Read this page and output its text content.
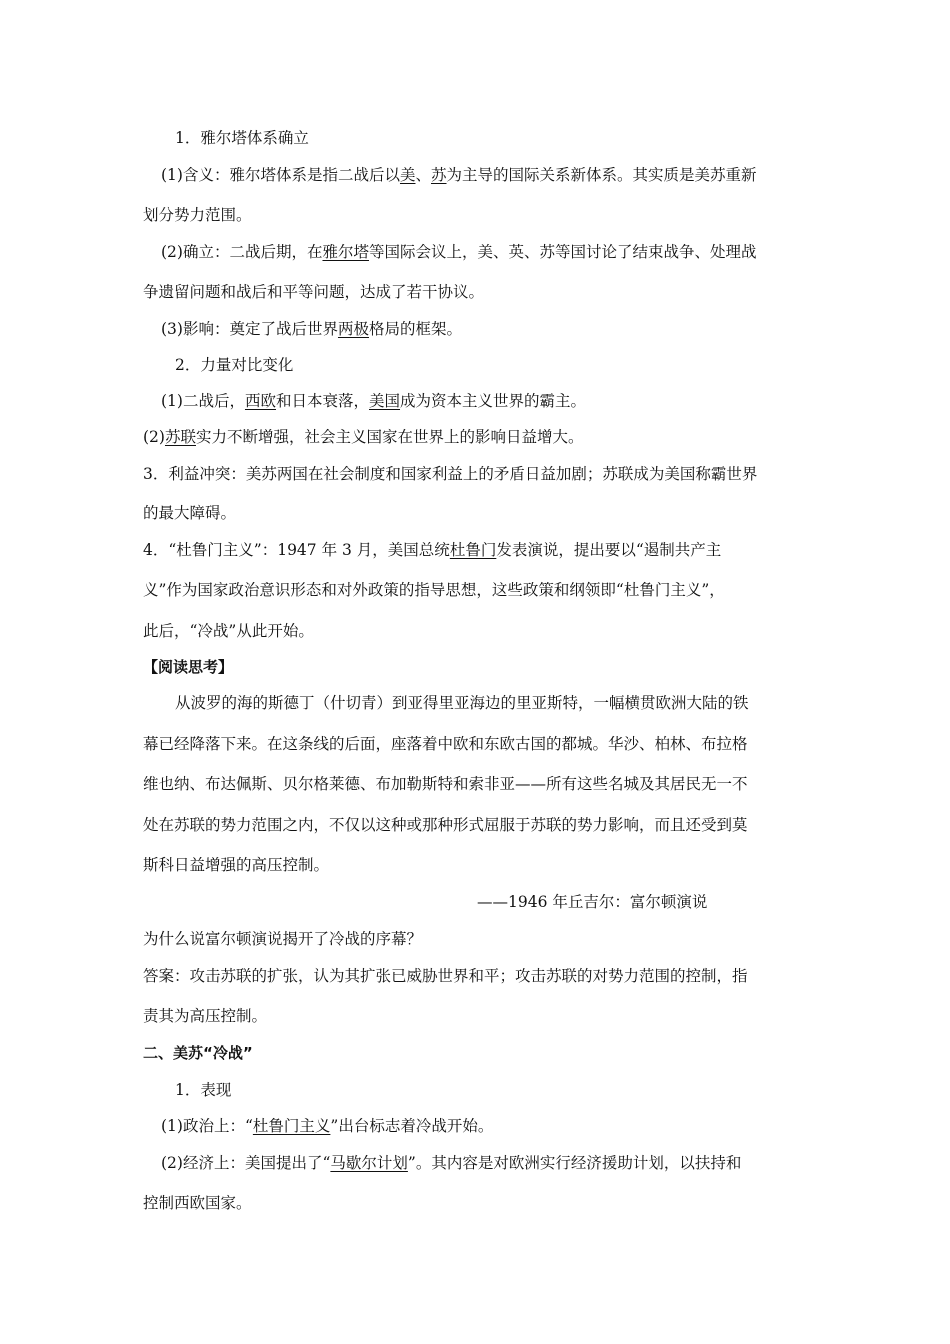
1．雅尔塔体系确立
(1)含义：雅尔塔体系是指二战后以美、苏为主导的国际关系新体系。其实质是美苏重新
划分势力范围。
(2)确立：二战后期，在雅尔塔等国际会议上，美、英、苏等国讨论了结束战争、处理战
争遗留问题和战后和平等问题，达成了若干协议。
(3)影响：奠定了战后世界两极格局的框架。
2．力量对比变化
(1)二战后，西欧和日本衰落，美国成为资本主义世界的霸主。
(2)苏联实力不断增强，社会主义国家在世界上的影响日益增大。
3．利益冲突：美苏两国在社会制度和国家利益上的矛盾日益加剧；苏联成为美国称霸世界
的最大障碍。
4．“杜鲁门主义”：1947 年 3 月，美国总统杜鲁门发表演说，提出要以“遏制共产主
义”作为国家政治意识形态和对外政策的指导思想，这些政策和纲领即“杜鲁门主义”，
此后，“冷战”从此开始。
【阅读思考】
从波罗的海的斯德丁（什切青）到亚得里亚海边的里亚斯特，一幅横贯欧洲大陆的铁
幕已经降落下来。在这条线的后面，座落着中欧和东欧古国的都城。华沙、柏林、布拉格
维也纳、布达佩斯、贝尔格莱德、布加勒斯特和索非亚——所有这些名城及其居民无一不
处在苏联的势力范围之内，不仅以这种或那种形式屈服于苏联的势力影响，而且还受到莫
斯科日益增强的高压控制。
——1946 年丘吉尔：富尔顿演说
为什么说富尔顿演说揭开了冷战的序幕？
答案：攻击苏联的扩张，认为其扩张已威胁世界和平；攻击苏联的对势力范围的控制，指
责其为高压控制。
二、美苏“冷战”
1．表现
(1)政治上：“杜鲁门主义”出台标志着冷战开始。
(2)经济上：美国提出了“马歇尔计划”。其内容是对欧洲实行经济援助计划，以扶持和
控制西欧国家。
